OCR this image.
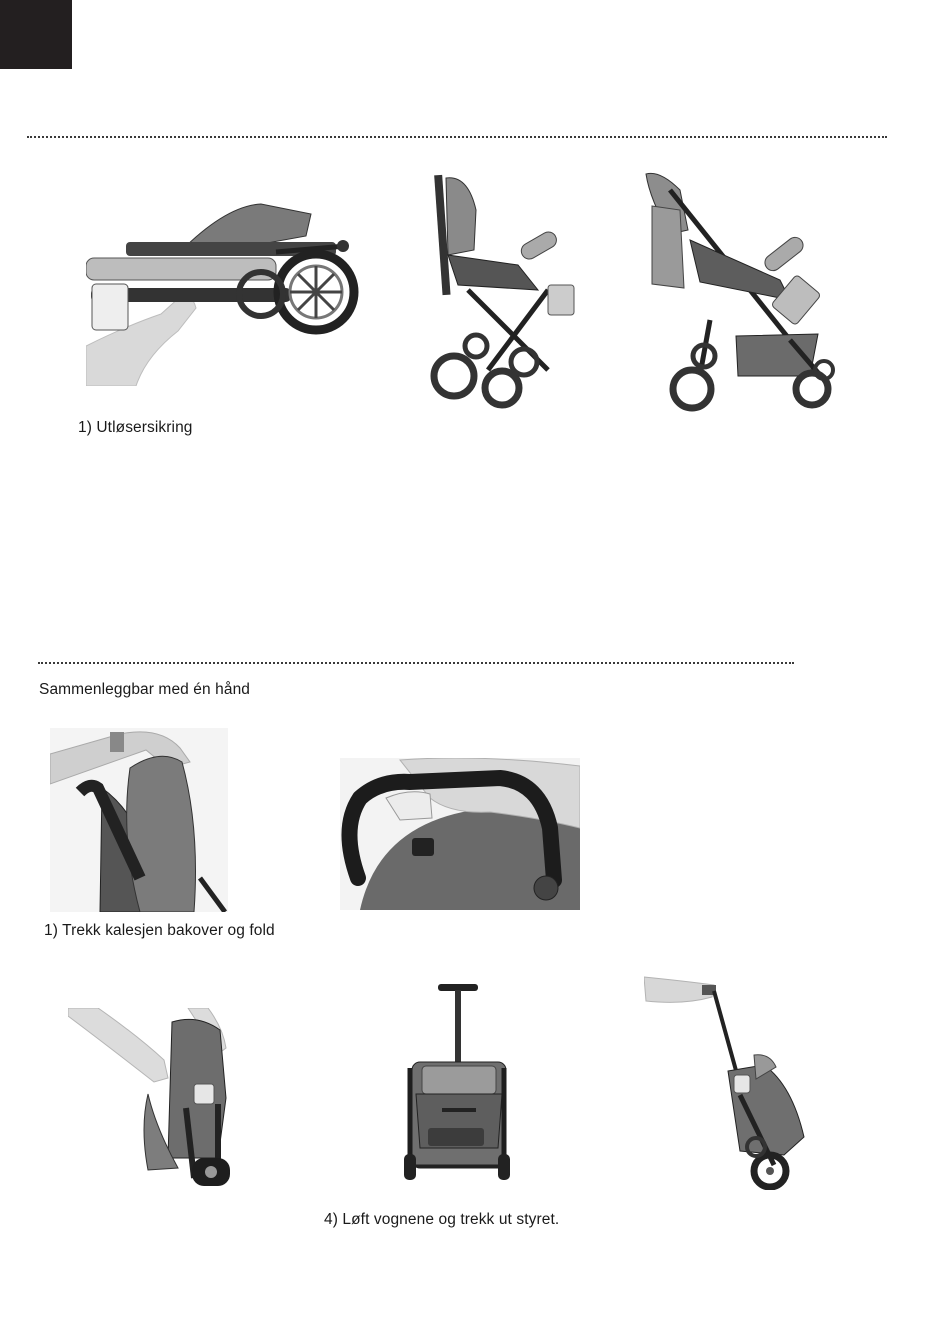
1) Utløsersikring
Sammenleggbar med én hånd
1) Trekk kalesjen bakover og fold
4) Løft vognene og trekk ut styret.
